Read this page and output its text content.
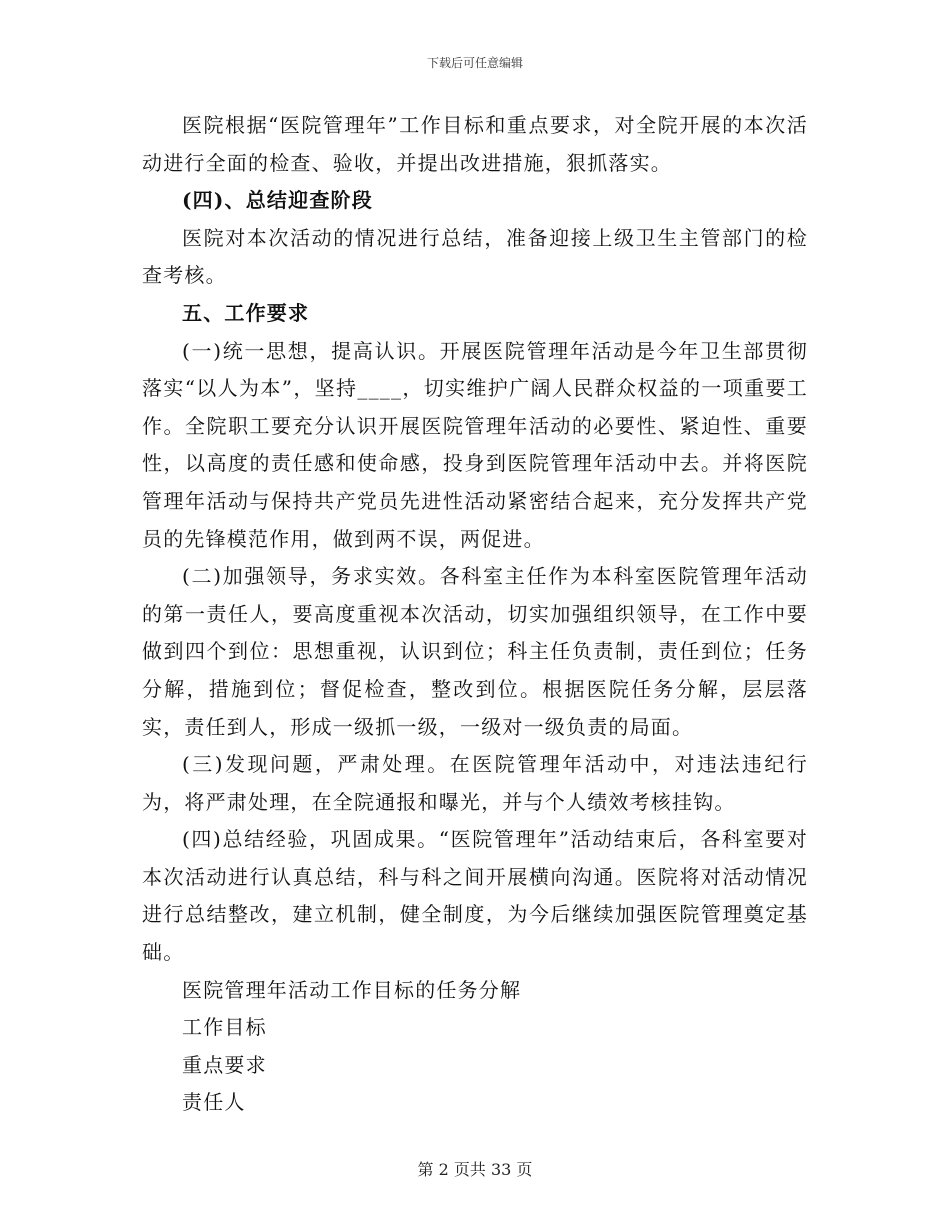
下载后可任意编辑

医院根据“医院管理年”工作目标和重点要求，对全院开展的本次活动进行全面的检查、验收，并提出改进措施，狠抓落实。

(四)、总结迎查阶段

医院对本次活动的情况进行总结，准备迎接上级卫生主管部门的检查考核。

五、工作要求

(一)统一思想，提高认识。开展医院管理年活动是今年卫生部贯彻落实“以人为本”，坚持____，切实维护广阔人民群众权益的一项重要工作。全院职工要充分认识开展医院管理年活动的必要性、紧迫性、重要性，以高度的责任感和使命感，投身到医院管理年活动中去。并将医院管理年活动与保持共产党员先进性活动紧密结合起来，充分发挥共产党员的先锋模范作用，做到两不误，两促进。

(二)加强领导，务求实效。各科室主任作为本科室医院管理年活动的第一责任人，要高度重视本次活动，切实加强组织领导，在工作中要做到四个到位：思想重视，认识到位；科主任负责制，责任到位；任务分解，措施到位；督促检查，整改到位。根据医院任务分解，层层落实，责任到人，形成一级抓一级，一级对一级负责的局面。

(三)发现问题，严肃处理。在医院管理年活动中，对违法违纪行为，将严肃处理，在全院通报和曝光，并与个人绩效考核挂钩。

(四)总结经验，巩固成果。“医院管理年”活动结束后，各科室要对本次活动进行认真总结，科与科之间开展横向沟通。医院将对活动情况进行总结整改，建立机制，健全制度，为今后继续加强医院管理奠定基础。

医院管理年活动工作目标的任务分解

工作目标

重点要求

责任人

第 2 页共 33 页
